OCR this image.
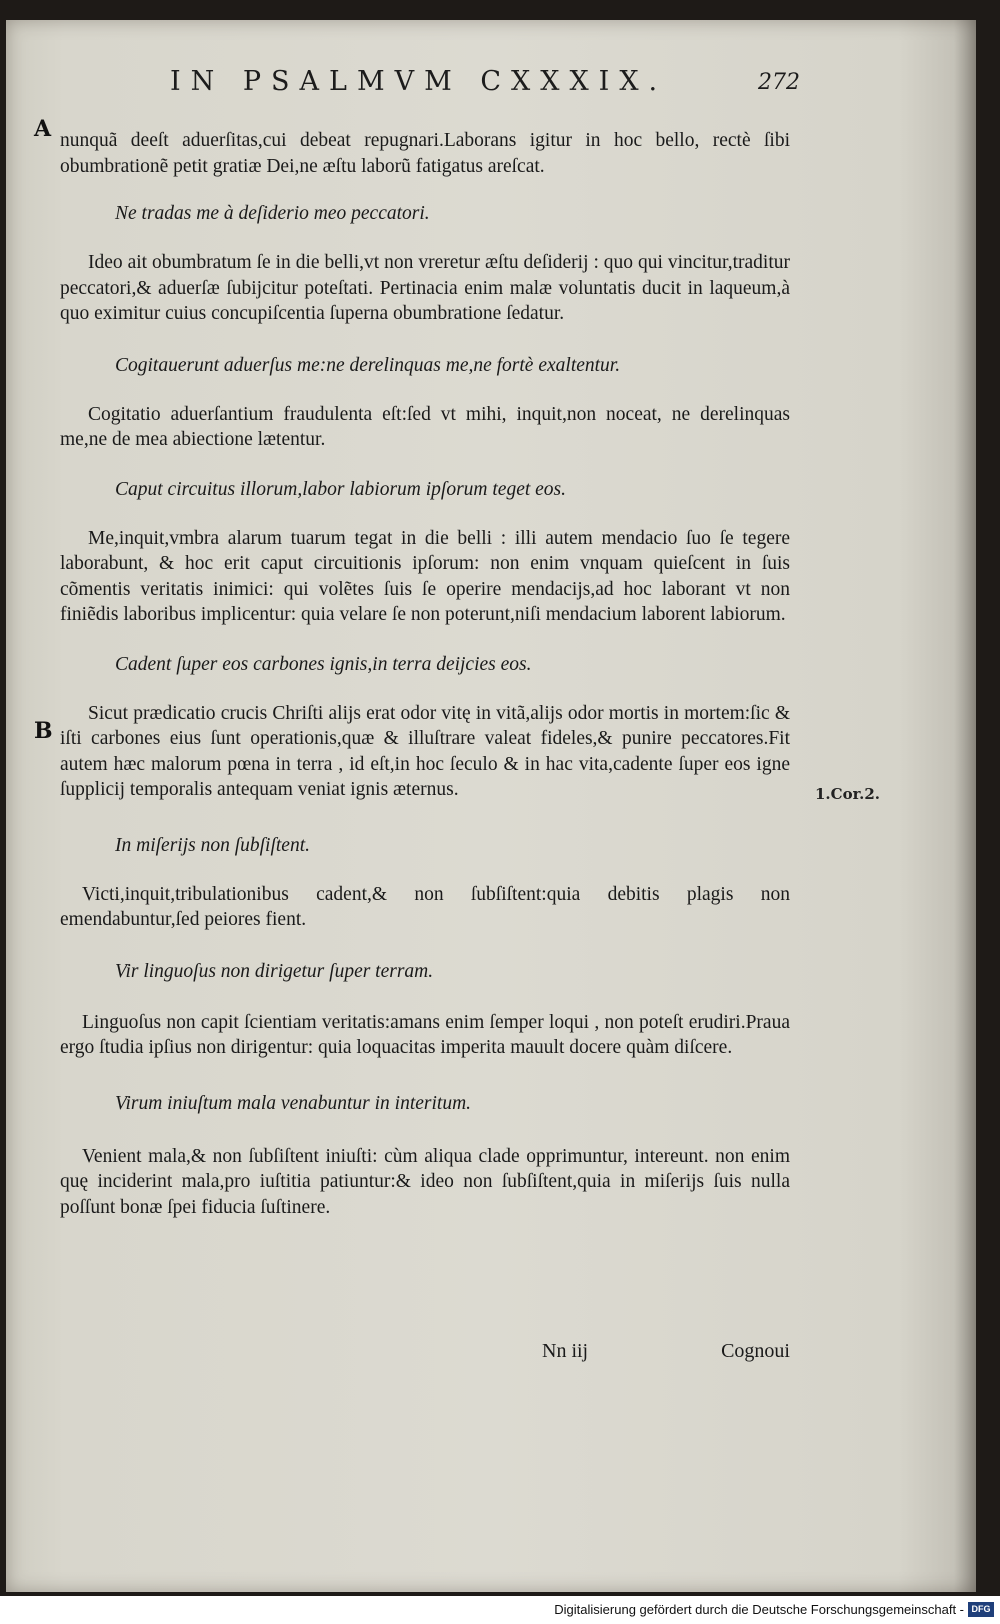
IN PSALMVM CXXXIX.	272
A
B
1.Cor.2.

nunquã deeſt aduerſitas,cui debeat repugnari.Laborans igitur in hoc bello, rectè ſibi obumbrationẽ petit gratiæ Dei,ne æſtu laborũ fatigatus areſcat.

Ne tradas me à deſiderio meo peccatori.

Ideo ait obumbratum ſe in die belli,vt non vreretur æſtu deſiderij : quo qui vincitur,traditur peccatori,& aduerſæ ſubijcitur poteſtati. Pertinacia enim malæ voluntatis ducit in laqueum,à quo eximitur cuius concupiſcentia ſuperna obumbratione ſedatur.

Cogitauerunt aduerſus me:ne derelinquas me,ne fortè exaltentur.

Cogitatio aduerſantium fraudulenta eſt:ſed vt mihi, inquit,non noceat, ne derelinquas me,ne de mea abiectione lætentur.

Caput circuitus illorum,labor labiorum ipſorum teget eos.

Me,inquit,vmbra alarum tuarum tegat in die belli : illi autem mendacio ſuo ſe tegere laborabunt, & hoc erit caput circuitionis ipſorum: non enim vnquam quieſcent in ſuis cõmentis veritatis inimici: qui volẽtes ſuis ſe operire mendacijs,ad hoc laborant vt non finiẽdis laboribus implicentur: quia velare ſe non poterunt,niſi mendacium laborent labiorum.

Cadent ſuper eos carbones ignis,in terra deijcies eos.

Sicut prædicatio crucis Chriſti alijs erat odor vitę in vitã,alijs odor mortis in mortem:ſic & iſti carbones eius ſunt operationis,quæ & illuſtrare valeat fideles,& punire peccatores.Fit autem hæc malorum pœna in terra , id eſt,in hoc ſeculo & in hac vita,cadente ſuper eos igne ſupplicij temporalis antequam veniat ignis æternus.

In miſerijs non ſubſiſtent.

Victi,inquit,tribulationibus cadent,& non ſubſiſtent:quia debitis plagis non emendabuntur,ſed peiores fient.

Vir linguoſus non dirigetur ſuper terram.

Linguoſus non capit ſcientiam veritatis:amans enim ſemper loqui , non poteſt erudiri.Praua ergo ſtudia ipſius non dirigentur: quia loquacitas imperita mauult docere quàm diſcere.

Virum iniuſtum mala venabuntur in interitum.

Venient mala,& non ſubſiſtent iniuſti: cùm aliqua clade opprimuntur, intereunt. non enim quę inciderint mala,pro iuſtitia patiuntur:& ideo non ſubſiſtent,quia in miſerijs ſuis nulla poſſunt bonæ ſpei fiducia ſuſtinere.

Nn iij	Cognoui
Digitalisierung gefördert durch die Deutsche Forschungsgemeinschaft - DFG
